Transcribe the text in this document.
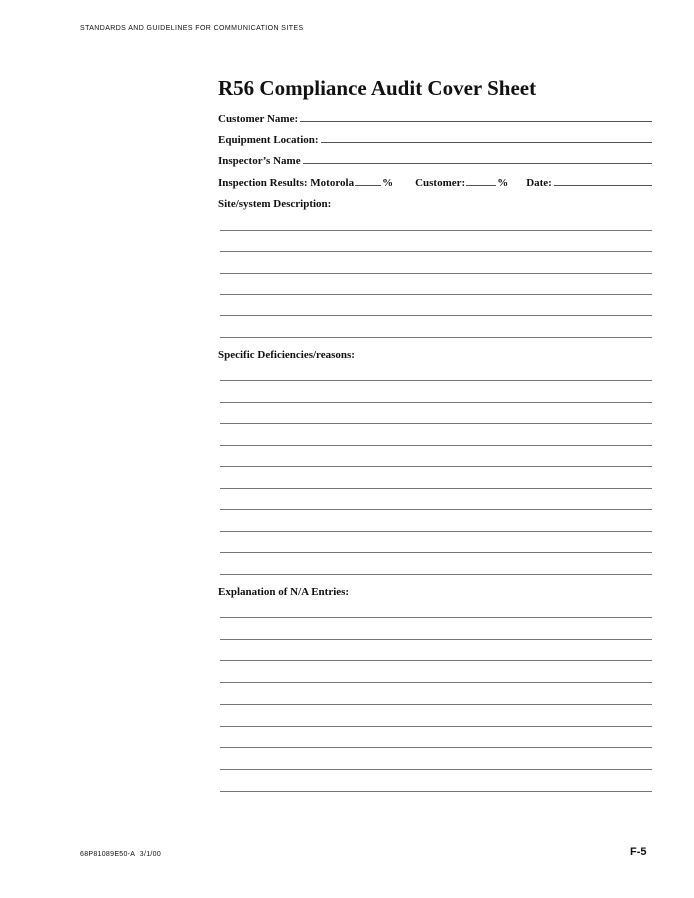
STANDARDS AND GUIDELINES FOR COMMUNICATION SITES
R56 Compliance Audit Cover Sheet
Customer Name:
Equipment Location:
Inspector’s Name
Inspection Results: Motorola	% Customer:	% Date:
Site/system Description:
Specific Deficiencies/reasons:
Explanation of N/A Entries:
68P81089E50-A 3/1/00	F-5
